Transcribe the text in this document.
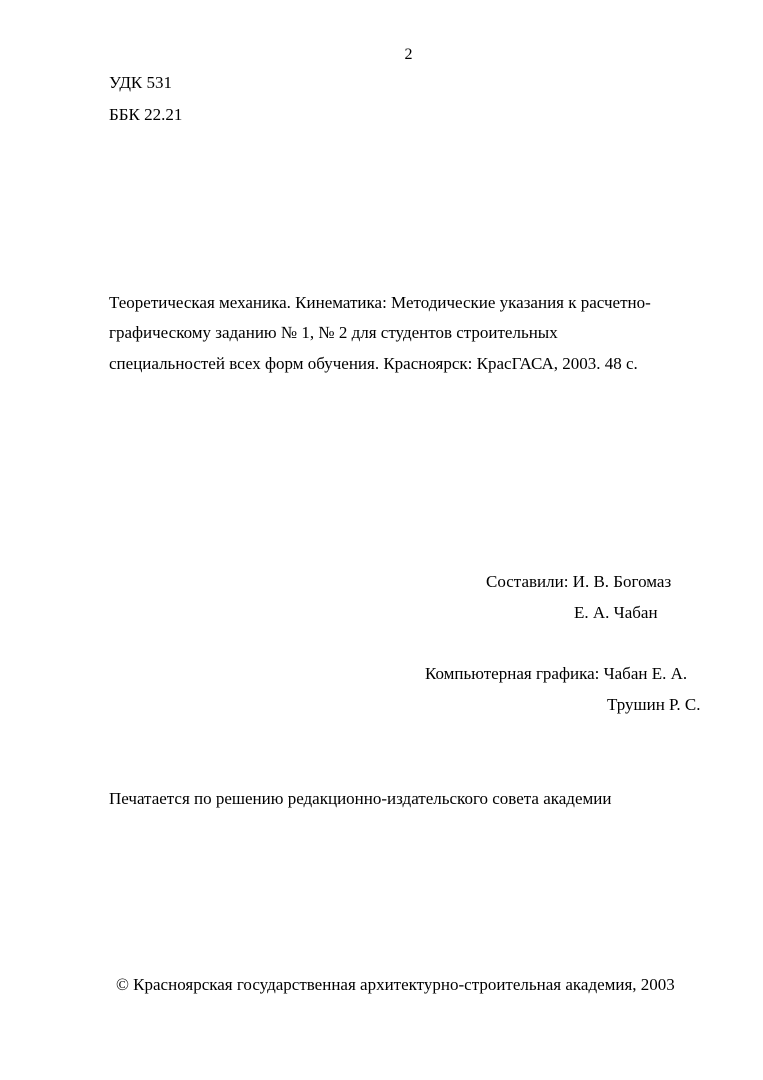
2
УДК 531
ББК 22.21
Теоретическая механика. Кинематика: Методические указания к расчетно-
графическому заданию № 1, № 2 для студентов строительных
специальностей всех форм обучения. Красноярск: КрасГАСА, 2003. 48 с.
Составили: И. В. Богомаз
Е. А. Чабан
Компьютерная графика: Чабан Е. А.
Трушин Р. С.
Печатается по решению редакционно-издательского совета академии
© Красноярская государственная архитектурно-строительная академия, 2003
